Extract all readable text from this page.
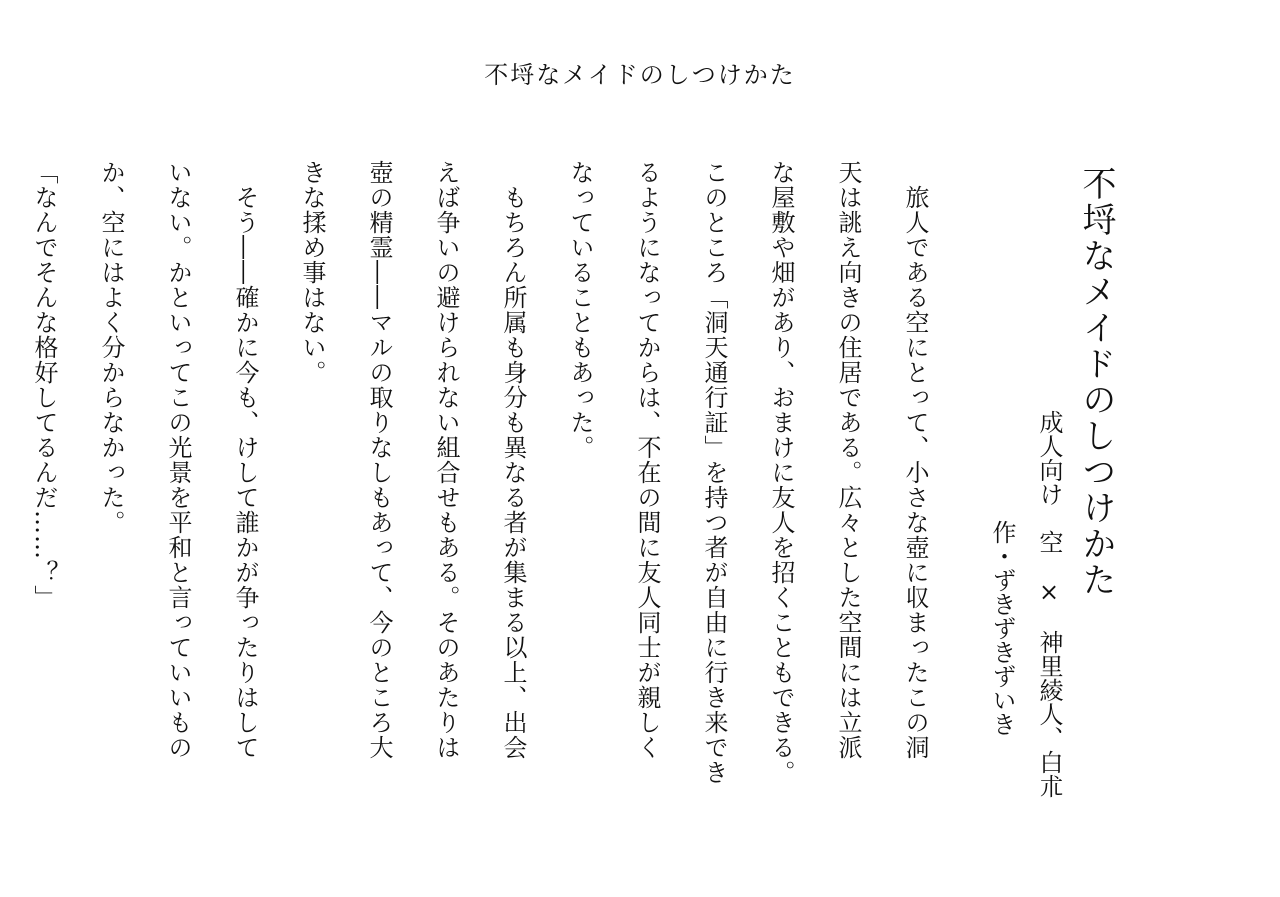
不埒なメイドのしつけかた
不埒なメイドのしつけかた

成人向け　空　×　神里綾人、白朮

作・ずきずきずいき

　旅人である空にとって、小さな壺に収まったこの洞

天は誂え向きの住居である。広々とした空間には立派

な屋敷や畑があり、おまけに友人を招くこともできる。

このところ「洞天通行証」を持つ者が自由に行き来でき

るようになってからは、不在の間に友人同士が親しく

なっていることもあった。

　もちろん所属も身分も異なる者が集まる以上、出会

えば争いの避けられない組合せもある。そのあたりは

壺の精霊――マルの取りなしもあって、今のところ大

きな揉め事はない。

　そう――確かに今も、けして誰かが争ったりはして

いない。かといってこの光景を平和と言っていいもの

か、空にはよく分からなかった。

「なんでそんな格好してるんだ……？」
